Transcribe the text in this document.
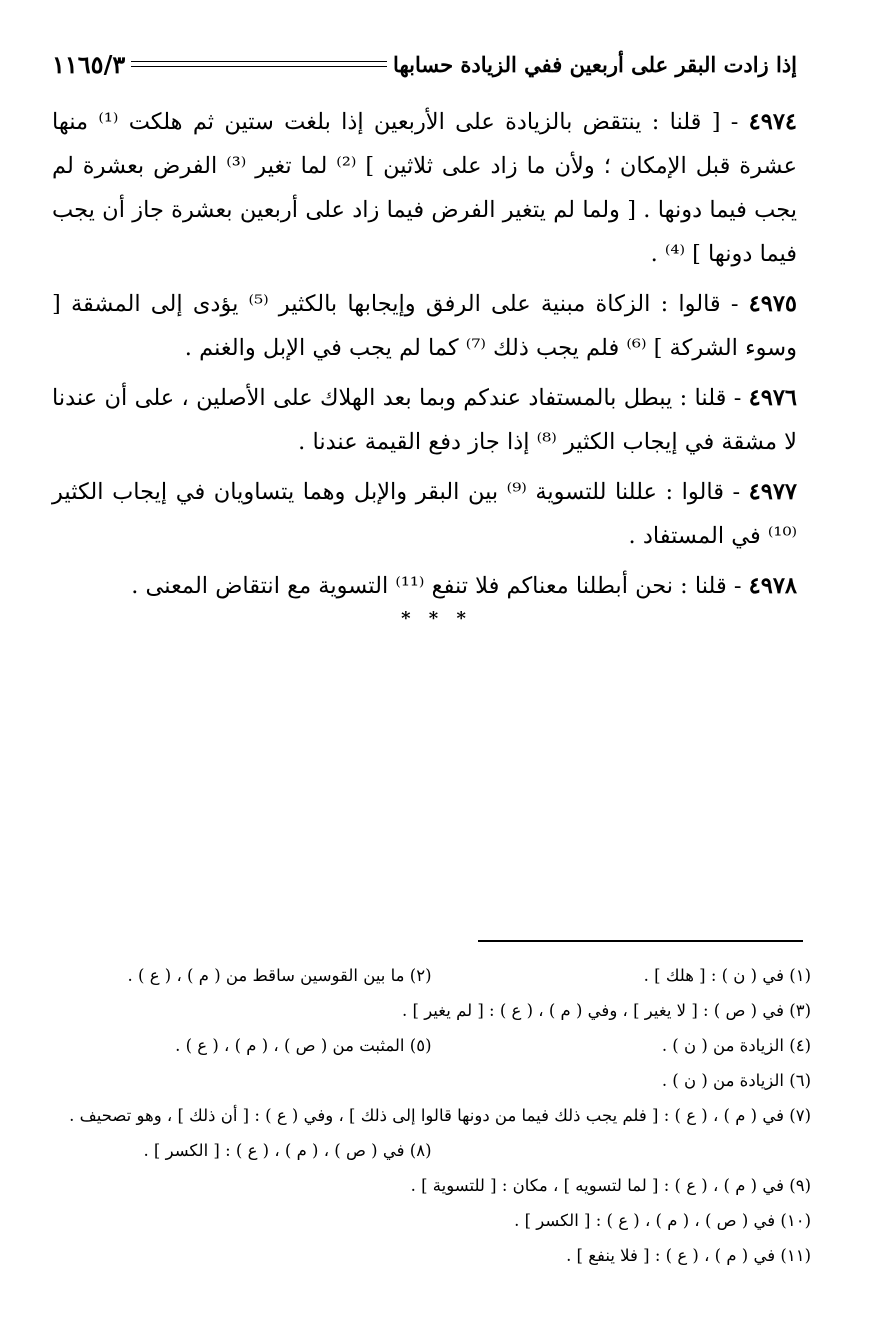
إذا زادت البقر على أربعين ففي الزيادة حسابها
١١٦٥/٣

٤٩٧٤ - [ قلنا : ينتقض بالزيادة على الأربعين إذا بلغت ستين ثم هلكت ⁽¹⁾ منها عشرة قبل الإمكان ؛ ولأن ما زاد على ثلاثين ] ⁽²⁾ لما تغير ⁽³⁾ الفرض بعشرة لم يجب فيما دونها . [ ولما لم يتغير الفرض فيما زاد على أربعين بعشرة جاز أن يجب فيما دونها ] ⁽⁴⁾ .

٤٩٧٥ - قالوا : الزكاة مبنية على الرفق وإيجابها بالكثير ⁽⁵⁾ يؤدى إلى المشقة [ وسوء الشركة ] ⁽⁶⁾ فلم يجب ذلك ⁽⁷⁾ كما لم يجب في الإبل والغنم .

٤٩٧٦ - قلنا : يبطل بالمستفاد عندكم وبما بعد الهلاك على الأصلين ، على أن عندنا لا مشقة في إيجاب الكثير ⁽⁸⁾ إذا جاز دفع القيمة عندنا .

٤٩٧٧ - قالوا : عللنا للتسوية ⁽⁹⁾ بين البقر والإبل وهما يتساويان في إيجاب الكثير ⁽¹⁰⁾ في المستفاد .

٤٩٧٨ - قلنا : نحن أبطلنا معناكم فلا تنفع ⁽¹¹⁾ التسوية مع انتقاض المعنى .

* * *
(١) في ( ن ) : [ هلك ] .
(٢) ما بين القوسين ساقط من ( م ) ، ( ع ) .
(٣) في ( ص ) : [ لا يغير ] ، وفي ( م ) ، ( ع ) : [ لم يغير ] .
(٤) الزيادة من ( ن ) .
(٥) المثبت من ( ص ) ، ( م ) ، ( ع ) .
(٦) الزيادة من ( ن ) .
(٧) في ( م ) ، ( ع ) : [ فلم يجب ذلك فيما من دونها قالوا إلى ذلك ] ، وفي ( ع ) : [ أن ذلك ] ، وهو تصحيف .
(٨) في ( ص ) ، ( م ) ، ( ع ) : [ الكسر ] .
(٩) في ( م ) ، ( ع ) : [ لما لتسويه ] ، مكان : [ للتسوية ] .
(١٠) في ( ص ) ، ( م ) ، ( ع ) : [ الكسر ] .
(١١) في ( م ) ، ( ع ) : [ فلا ينفع ] .
